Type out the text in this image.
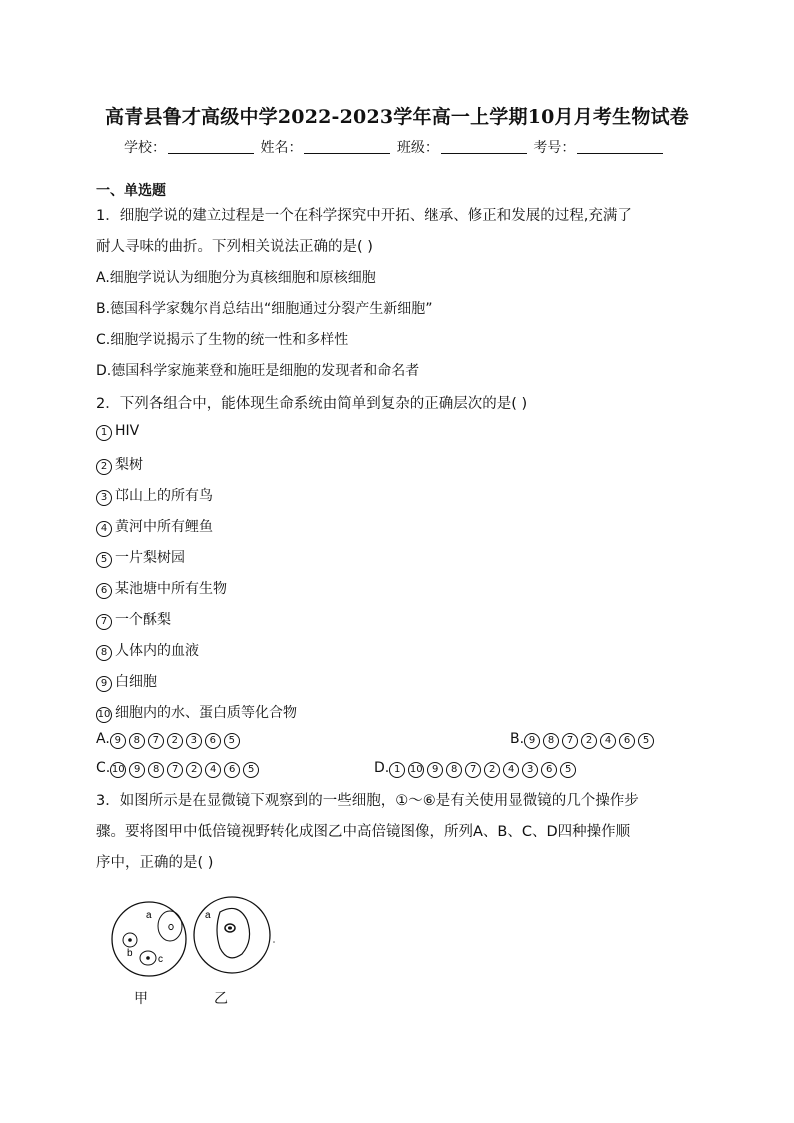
高青县鲁才高级中学2022-2023学年高一上学期10月月考生物试卷
学校：	姓名：	班级：	考号：
一、单选题
1．细胞学说的建立过程是一个在科学探究中开拓、继承、修正和发展的过程,充满了
耐人寻味的曲折。下列相关说法正确的是( )
A.细胞学说认为细胞分为真核细胞和原核细胞
B.德国科学家魏尔肖总结出“细胞通过分裂产生新细胞”
C.细胞学说揭示了生物的统一性和多样性
D.德国科学家施莱登和施旺是细胞的发现者和命名者
2．下列各组合中，能体现生命系统由简单到复杂的正确层次的是( )
1 HIV
2 梨树
3 邙山上的所有鸟
4 黄河中所有鲤鱼
5 一片梨树园
6 某池塘中所有生物
7 一个酥梨
8 人体内的血液
9 白细胞
10 细胞内的水、蛋白质等化合物
A. 9 8 7 2 3 6 5	B. 9 8 7 2 4 6 5
C. 10 9 8 7 2 4 6 5	D. 1 10 9 8 7 2 4 3 6 5
3．如图所示是在显微镜下观察到的一些细胞，①～⑥是有关使用显微镜的几个操作步
骤。要将图甲中低倍镜视野转化成图乙中高倍镜图像，所列A、B、C、D四种操作顺
序中，正确的是( )
a
b
c
a
甲	乙
